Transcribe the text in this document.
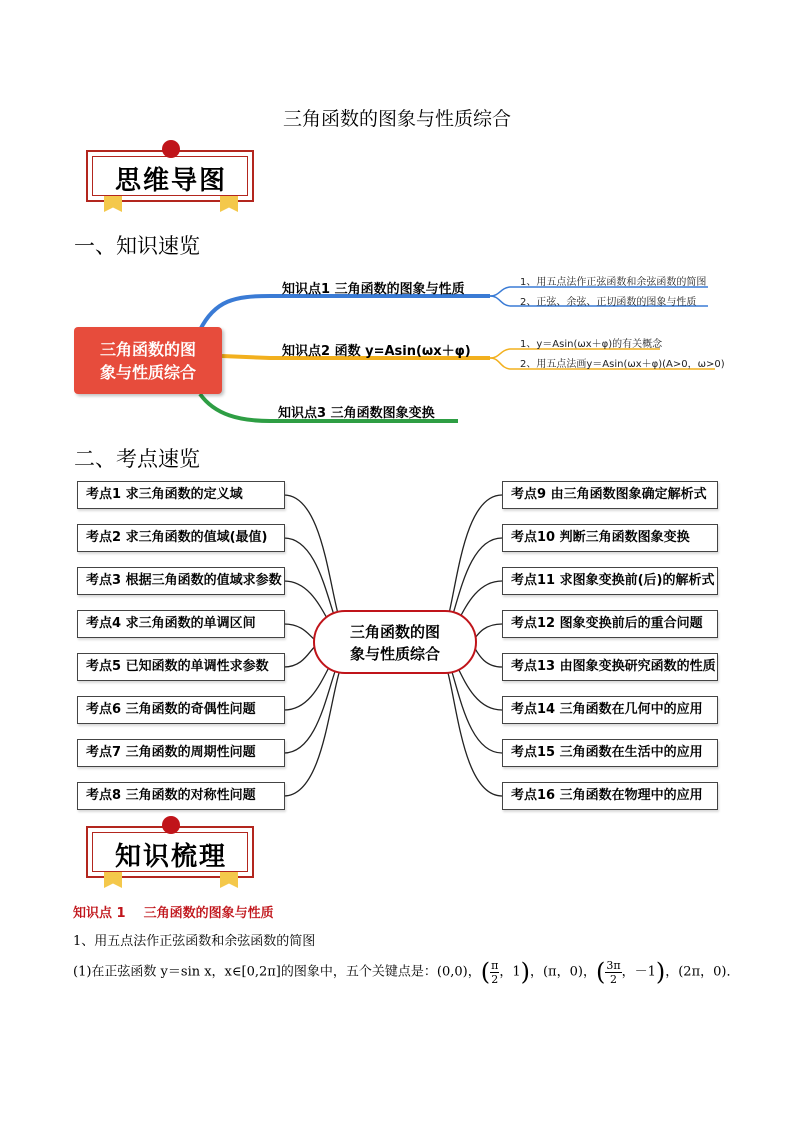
三角函数的图象与性质综合
思维导图
一、知识速览
三角函数的图
象与性质综合
知识点1 三角函数的图象与性质	1、用五点法作正弦函数和余弦函数的简图
2、正弦、余弦、正切函数的图象与性质
知识点2 函数 y=Asin(ωx＋φ)	1、y＝Asin(ωx＋φ)的有关概念
2、用五点法画y＝Asin(ωx＋φ)(A>0，ω>0)
知识点3 三角函数图象变换
二、考点速览
三角函数的图
象与性质综合
考点1 求三角函数的定义域
考点2 求三角函数的值域(最值)
考点3 根据三角函数的值域求参数
考点4 求三角函数的单调区间
考点5 已知函数的单调性求参数
考点6 三角函数的奇偶性问题
考点7 三角函数的周期性问题
考点8 三角函数的对称性问题
考点9 由三角函数图象确定解析式
考点10 判断三角函数图象变换
考点11 求图象变换前(后)的解析式
考点12 图象变换前后的重合问题
考点13 由图象变换研究函数的性质
考点14 三角函数在几何中的应用
考点15 三角函数在生活中的应用
考点16 三角函数在物理中的应用
知识梳理
知识点 1    三角函数的图象与性质
1、用五点法作正弦函数和余弦函数的简图
(1)在正弦函数 y＝sin x，x∈[0,2π]的图象中，五个关键点是：(0,0)，( $\frac{\pi}{2}$ ，1)，(π，0)，( $\frac{3\pi}{2}$ ，－1)，(2π，0)．
